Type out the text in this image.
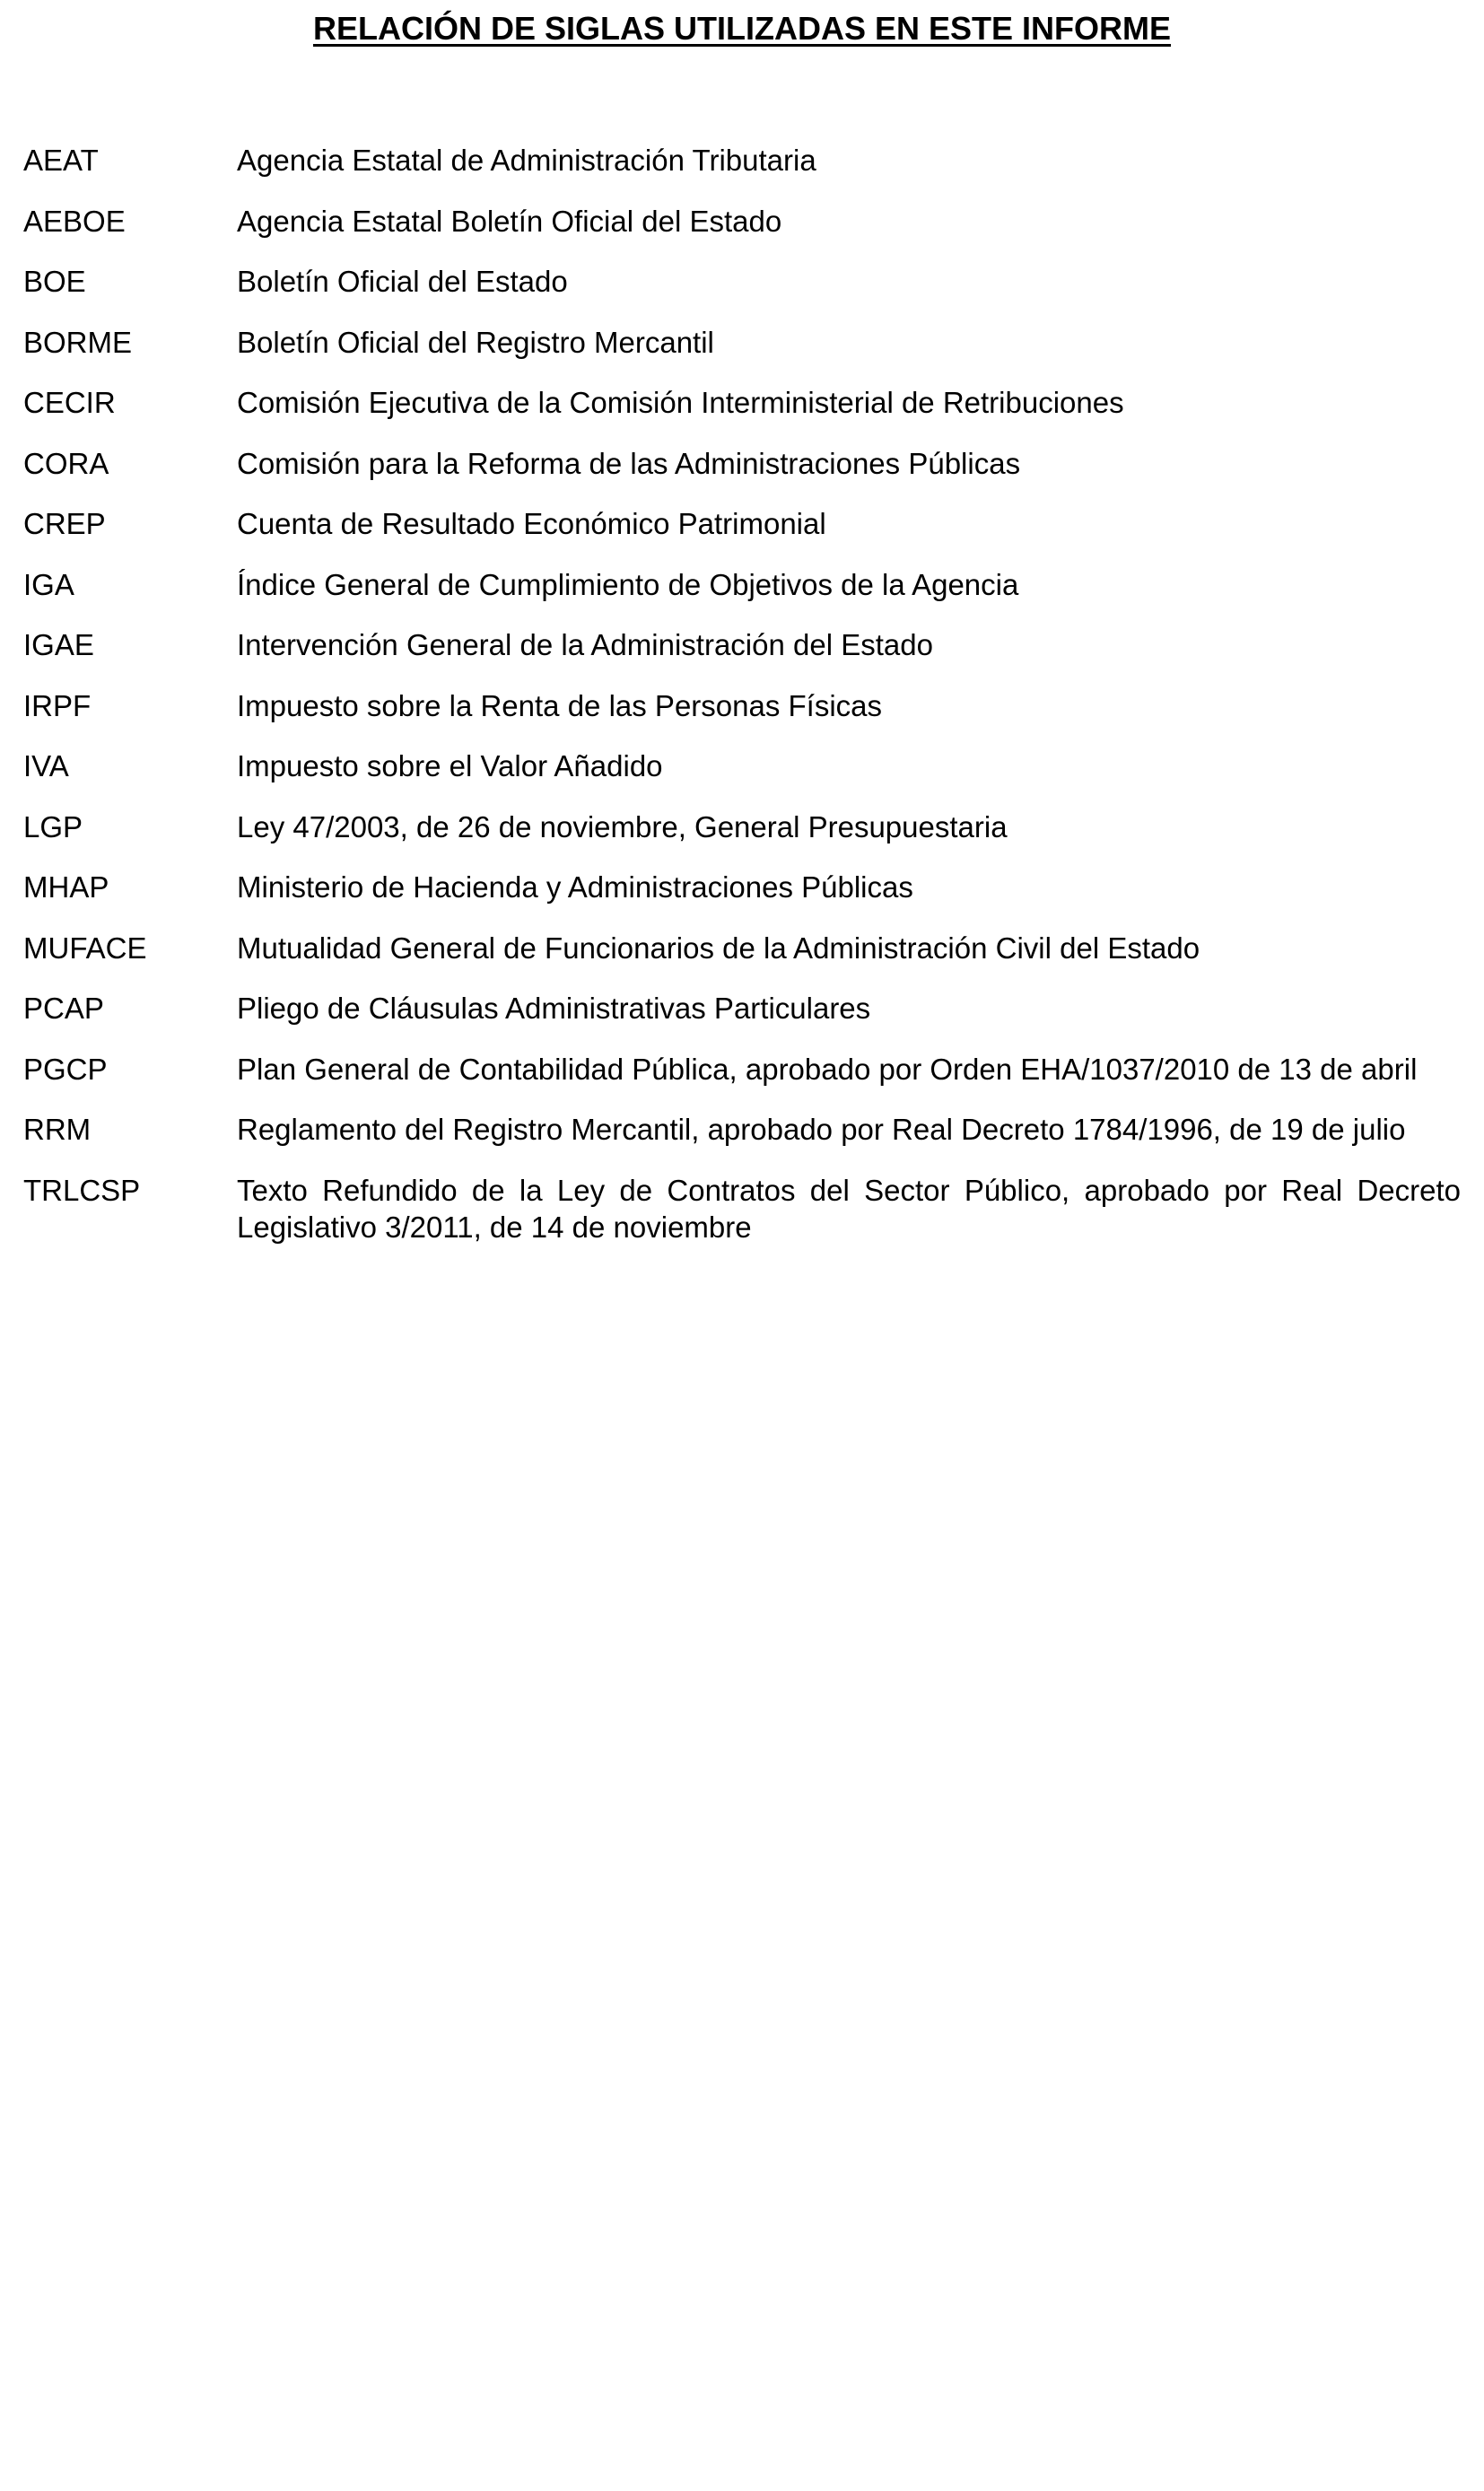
RELACIÓN DE SIGLAS UTILIZADAS EN ESTE INFORME
AEAT	Agencia Estatal de Administración Tributaria
AEBOE	Agencia Estatal Boletín Oficial del Estado
BOE	Boletín Oficial del Estado
BORME	Boletín Oficial del Registro Mercantil
CECIR	Comisión Ejecutiva de la Comisión Interministerial de Retribuciones
CORA	Comisión para la Reforma de las Administraciones Públicas
CREP	Cuenta de Resultado Económico Patrimonial
IGA	Índice General de Cumplimiento de Objetivos de la Agencia
IGAE	Intervención General de la Administración del Estado
IRPF	Impuesto sobre la Renta de las Personas Físicas
IVA	Impuesto sobre el Valor Añadido
LGP	Ley 47/2003, de 26 de noviembre, General Presupuestaria
MHAP	Ministerio de Hacienda y Administraciones Públicas
MUFACE	Mutualidad General de Funcionarios de la Administración Civil del Estado
PCAP	Pliego de Cláusulas Administrativas Particulares
PGCP	Plan General de Contabilidad Pública, aprobado por Orden EHA/1037/2010 de 13 de abril
RRM	Reglamento del Registro Mercantil, aprobado por Real Decreto 1784/1996, de 19 de julio
TRLCSP	Texto Refundido de la Ley de Contratos del Sector Público, aprobado por Real Decreto Legislativo 3/2011, de 14 de noviembre
